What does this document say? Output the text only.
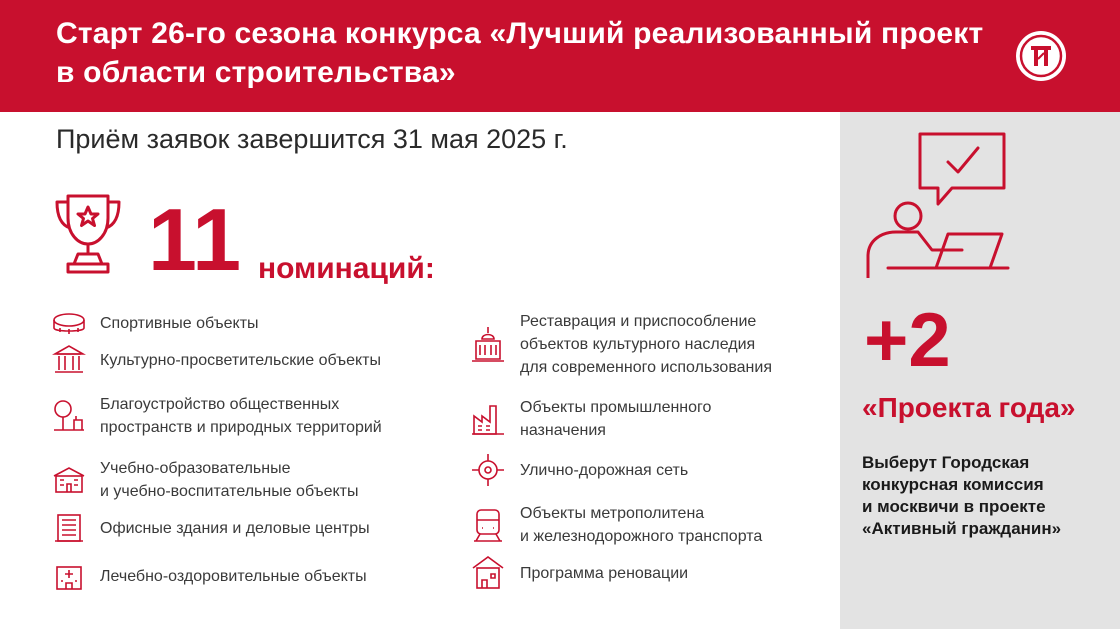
Старт 26-го сезона конкурса «Лучший реализованный проект в области строительства»
Приём заявок завершится 31 мая 2025 г.
11 номинаций:
Спортивные объекты
Культурно-просветительские объекты
Благоустройство общественных
пространств и природных территорий
Учебно-образовательные
и учебно-воспитательные объекты
Офисные здания и деловые центры
Лечебно-оздоровительные объекты
Реставрация и приспособление
объектов культурного наследия
для современного использования
Объекты промышленного
назначения
Улично-дорожная сеть
Объекты метрополитена
и железнодорожного транспорта
Программа реновации
+2
«Проекта года»
Выберут Городская
конкурсная комиссия
и москвичи в проекте
«Активный гражданин»
